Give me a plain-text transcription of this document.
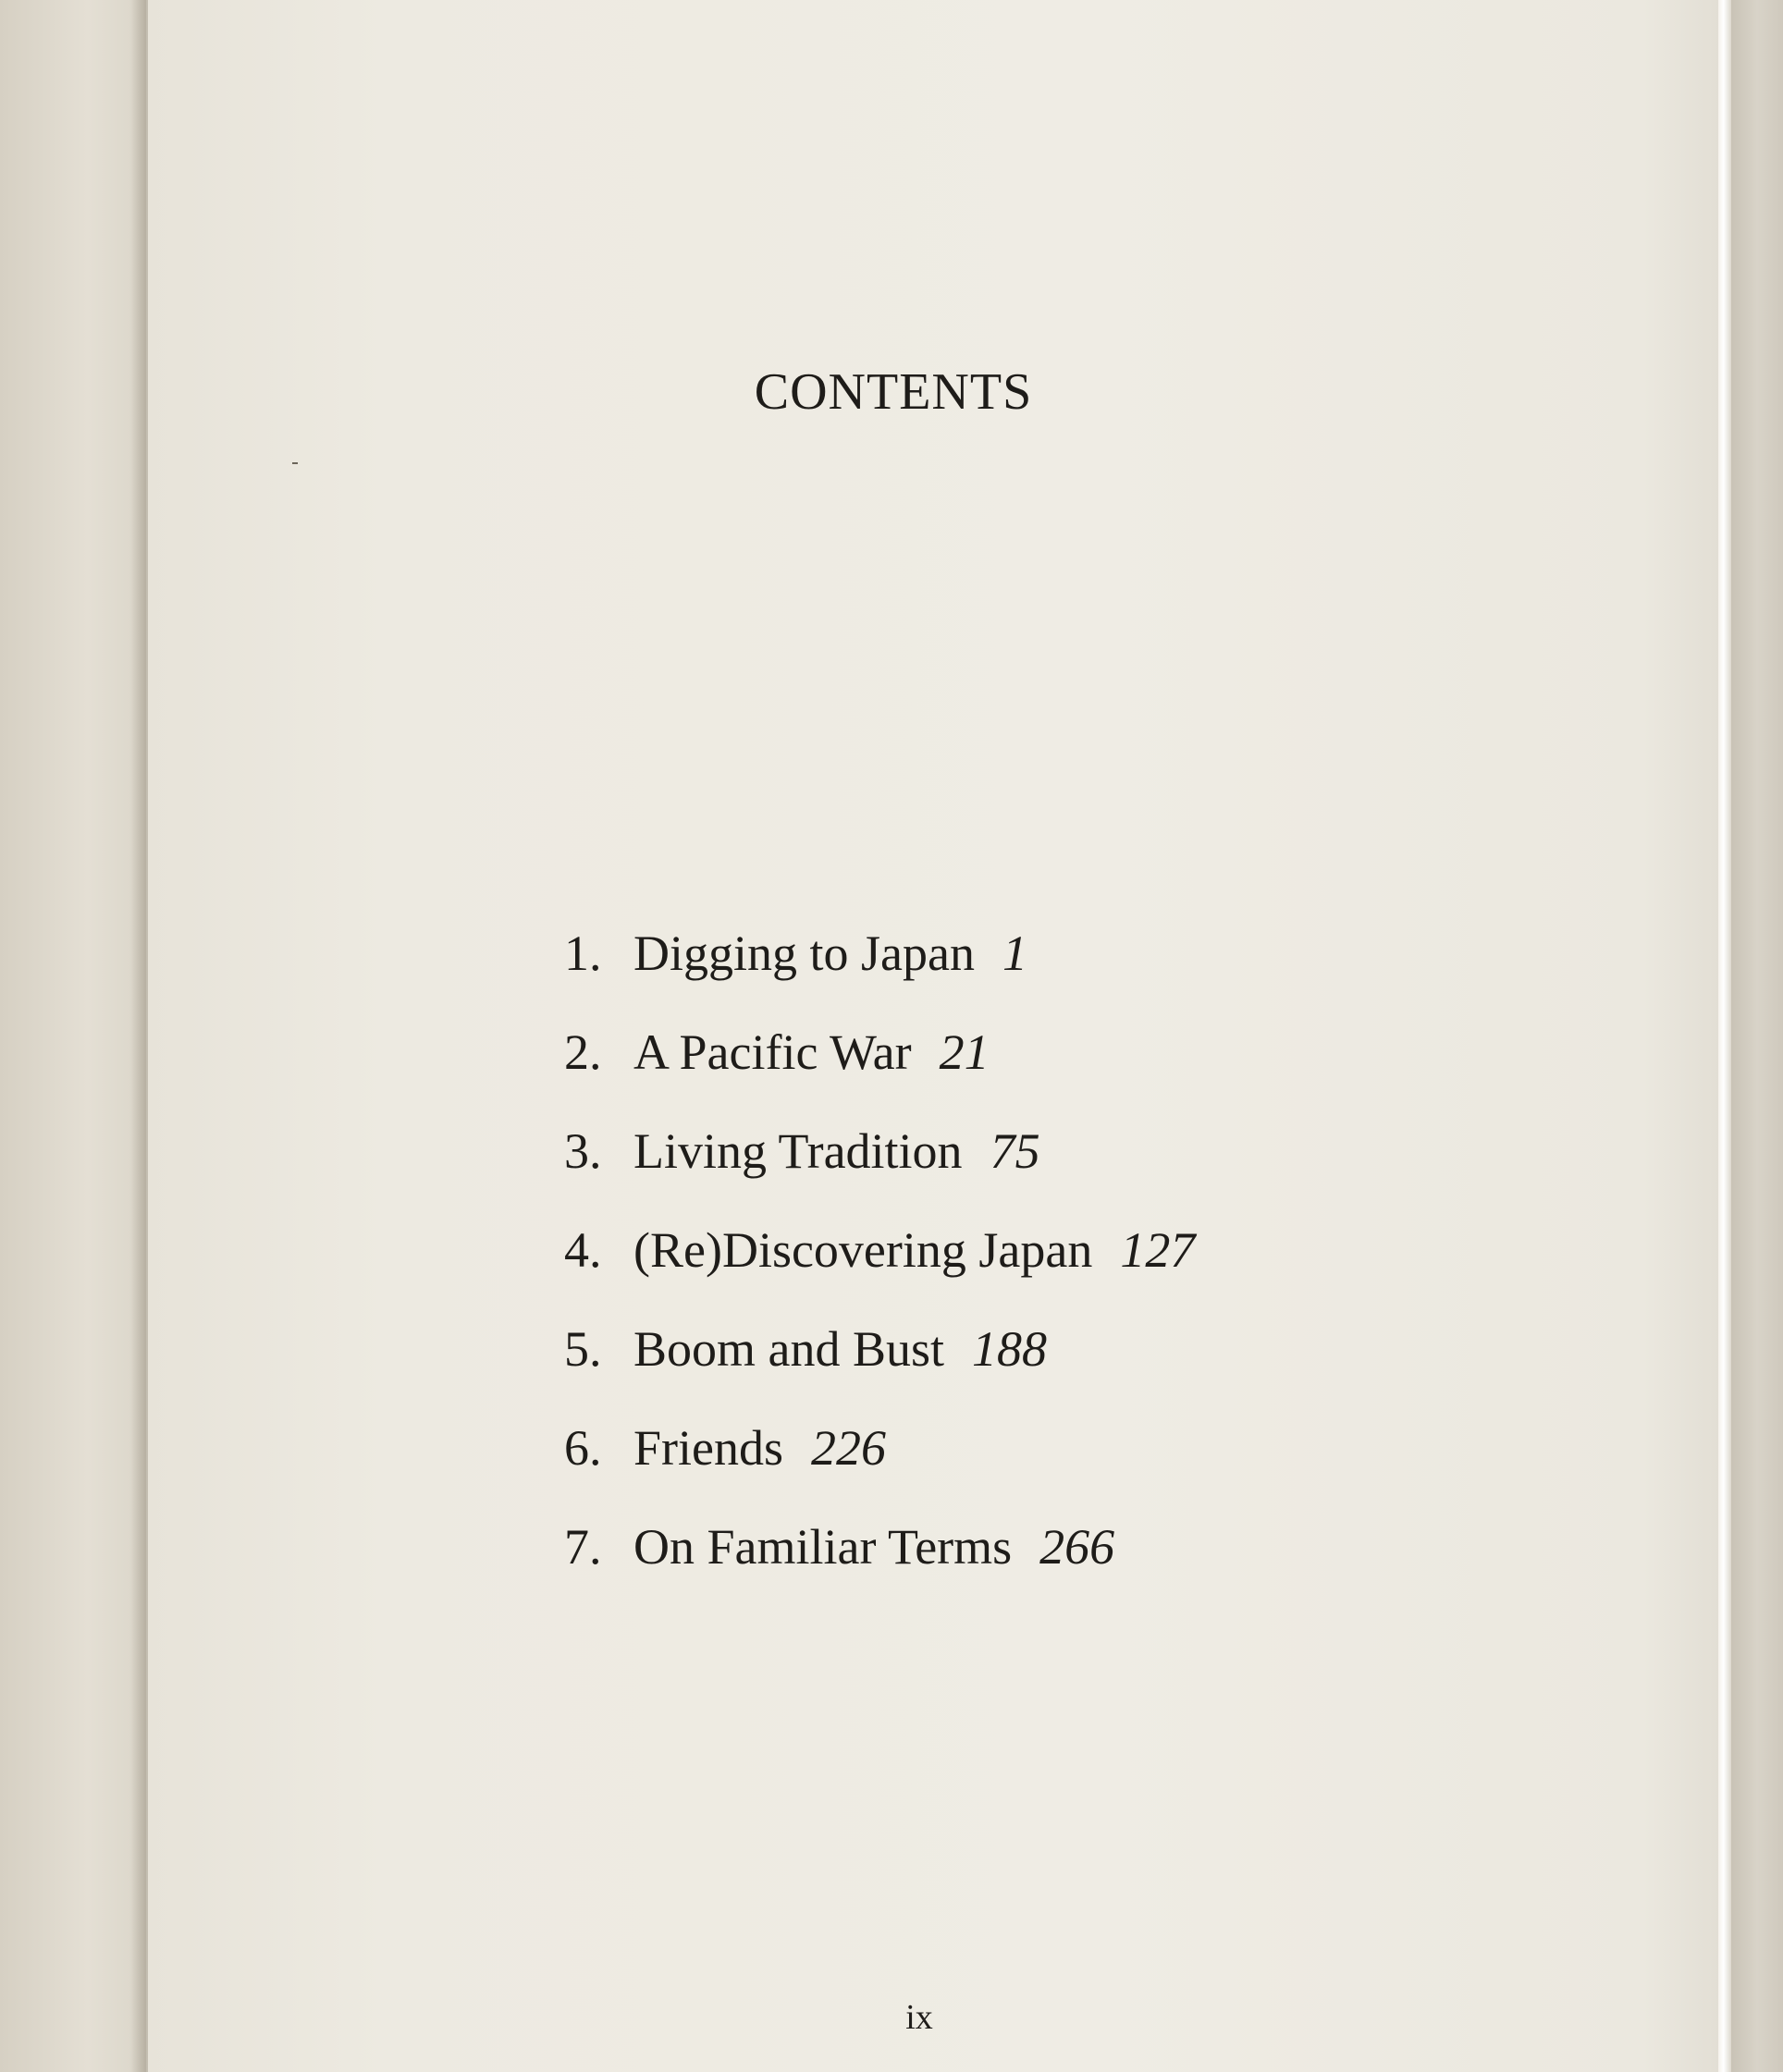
CONTENTS
1. Digging to Japan 1
2. A Pacific War 21
3. Living Tradition 75
4. (Re)Discovering Japan 127
5. Boom and Bust 188
6. Friends 226
7. On Familiar Terms 266
ix
